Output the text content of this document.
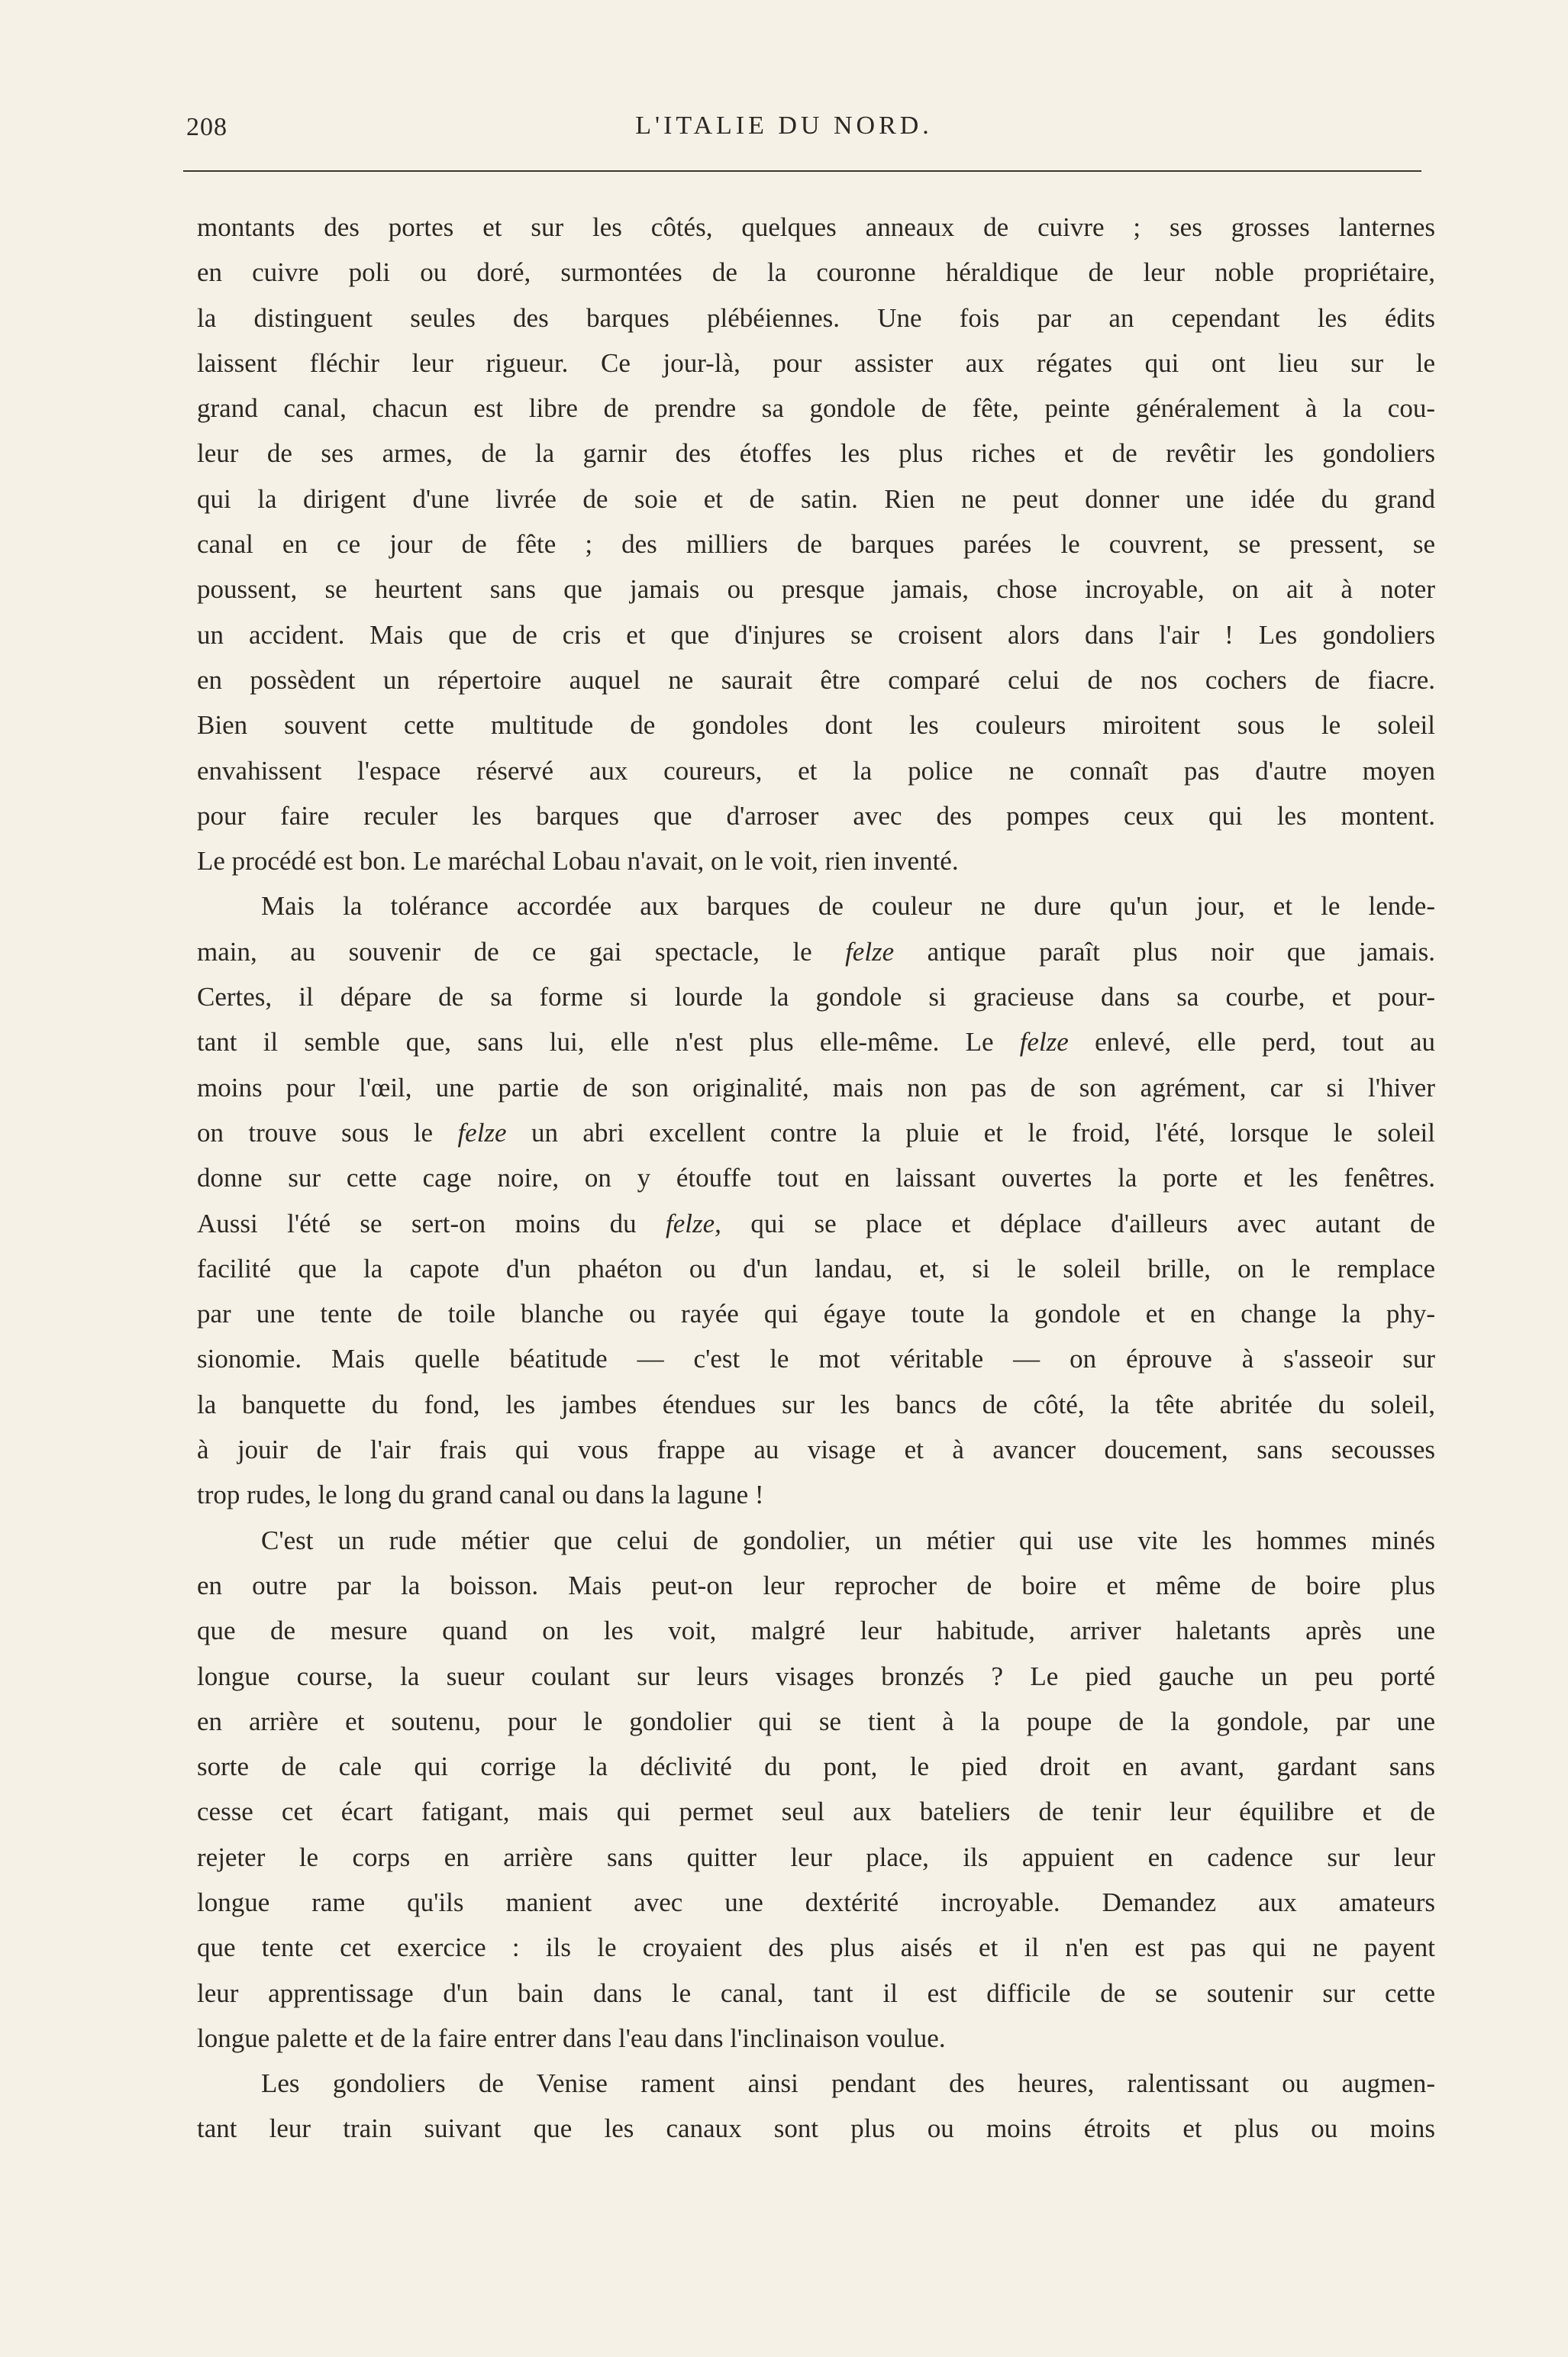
208	L'ITALIE DU NORD.
montants des portes et sur les côtés, quelques anneaux de cuivre ; ses grosses lanternes
en cuivre poli ou doré, surmontées de la couronne héraldique de leur noble propriétaire,
la distinguent seules des barques plébéiennes. Une fois par an cependant les édits
laissent fléchir leur rigueur. Ce jour-là, pour assister aux régates qui ont lieu sur le
grand canal, chacun est libre de prendre sa gondole de fête, peinte généralement à la cou-
leur de ses armes, de la garnir des étoffes les plus riches et de revêtir les gondoliers
qui la dirigent d'une livrée de soie et de satin. Rien ne peut donner une idée du grand
canal en ce jour de fête ; des milliers de barques parées le couvrent, se pressent, se
poussent, se heurtent sans que jamais ou presque jamais, chose incroyable, on ait à noter
un accident. Mais que de cris et que d'injures se croisent alors dans l'air ! Les gondoliers
en possèdent un répertoire auquel ne saurait être comparé celui de nos cochers de fiacre.
Bien souvent cette multitude de gondoles dont les couleurs miroitent sous le soleil
envahissent l'espace réservé aux coureurs, et la police ne connaît pas d'autre moyen
pour faire reculer les barques que d'arroser avec des pompes ceux qui les montent.
Le procédé est bon. Le maréchal Lobau n'avait, on le voit, rien inventé.
Mais la tolérance accordée aux barques de couleur ne dure qu'un jour, et le lende-
main, au souvenir de ce gai spectacle, le felze antique paraît plus noir que jamais.
Certes, il dépare de sa forme si lourde la gondole si gracieuse dans sa courbe, et pour-
tant il semble que, sans lui, elle n'est plus elle-même. Le felze enlevé, elle perd, tout au
moins pour l'œil, une partie de son originalité, mais non pas de son agrément, car si l'hiver
on trouve sous le felze un abri excellent contre la pluie et le froid, l'été, lorsque le soleil
donne sur cette cage noire, on y étouffe tout en laissant ouvertes la porte et les fenêtres.
Aussi l'été se sert-on moins du felze, qui se place et déplace d'ailleurs avec autant de
facilité que la capote d'un phaéton ou d'un landau, et, si le soleil brille, on le remplace
par une tente de toile blanche ou rayée qui égaye toute la gondole et en change la phy-
sionomie. Mais quelle béatitude — c'est le mot véritable — on éprouve à s'asseoir sur
la banquette du fond, les jambes étendues sur les bancs de côté, la tête abritée du soleil,
à jouir de l'air frais qui vous frappe au visage et à avancer doucement, sans secousses
trop rudes, le long du grand canal ou dans la lagune !
C'est un rude métier que celui de gondolier, un métier qui use vite les hommes minés
en outre par la boisson. Mais peut-on leur reprocher de boire et même de boire plus
que de mesure quand on les voit, malgré leur habitude, arriver haletants après une
longue course, la sueur coulant sur leurs visages bronzés ? Le pied gauche un peu porté
en arrière et soutenu, pour le gondolier qui se tient à la poupe de la gondole, par une
sorte de cale qui corrige la déclivité du pont, le pied droit en avant, gardant sans
cesse cet écart fatigant, mais qui permet seul aux bateliers de tenir leur équilibre et de
rejeter le corps en arrière sans quitter leur place, ils appuient en cadence sur leur
longue rame qu'ils manient avec une dextérité incroyable. Demandez aux amateurs
que tente cet exercice : ils le croyaient des plus aisés et il n'en est pas qui ne payent
leur apprentissage d'un bain dans le canal, tant il est difficile de se soutenir sur cette
longue palette et de la faire entrer dans l'eau dans l'inclinaison voulue.
Les gondoliers de Venise rament ainsi pendant des heures, ralentissant ou augmen-
tant leur train suivant que les canaux sont plus ou moins étroits et plus ou moins
